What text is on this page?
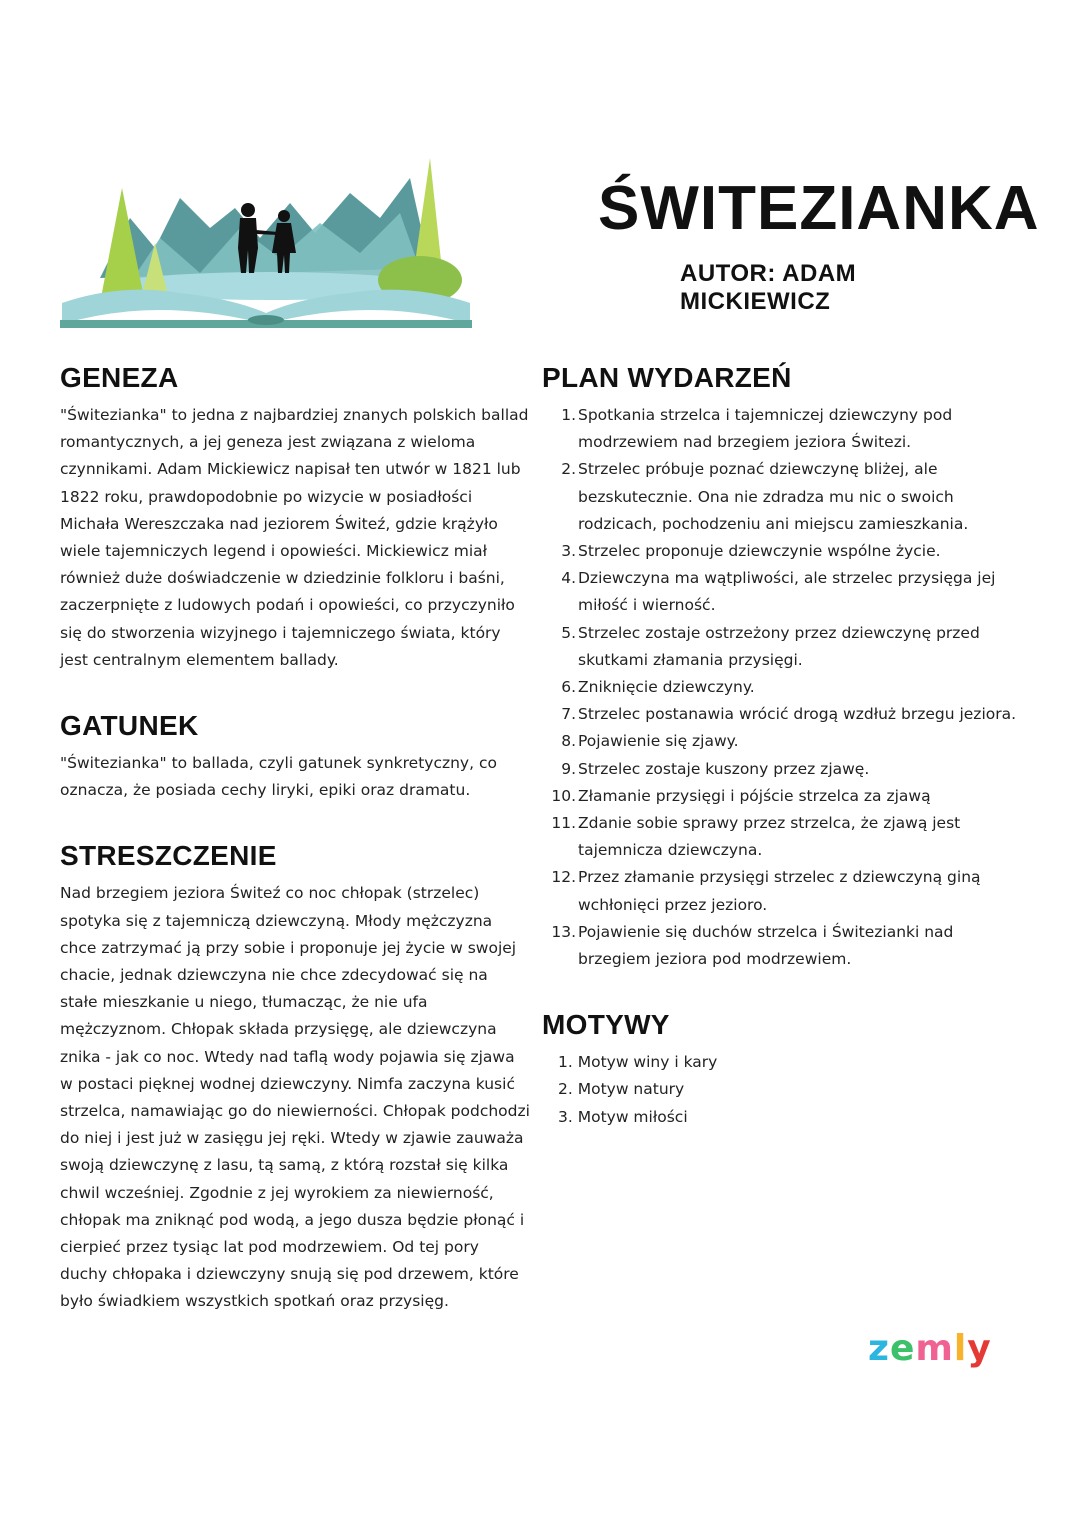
ŚWITEZIANKA
AUTOR: ADAM MICKIEWICZ
GENEZA

"Świtezianka" to jedna z najbardziej znanych polskich ballad romantycznych, a jej geneza jest związana z wieloma czynnikami. Adam Mickiewicz napisał ten utwór w 1821 lub 1822 roku, prawdopodobnie po wizycie w posiadłości Michała Wereszczaka nad jeziorem Świteź, gdzie krążyło wiele tajemniczych legend i opowieści. Mickiewicz miał również duże doświadczenie w dziedzinie folkloru i baśni, zaczerpnięte z ludowych podań i opowieści, co przyczyniło się do stworzenia wizyjnego i tajemniczego świata, który jest centralnym elementem ballady.

GATUNEK

"Świtezianka" to ballada, czyli gatunek synkretyczny, co oznacza, że posiada cechy liryki, epiki oraz dramatu.

STRESZCZENIE

Nad brzegiem jeziora Świteź co noc chłopak (strzelec) spotyka się z tajemniczą dziewczyną. Młody mężczyzna chce zatrzymać ją przy sobie i proponuje jej życie w swojej chacie, jednak dziewczyna nie chce zdecydować się na stałe mieszkanie u niego, tłumacząc, że nie ufa mężczyznom. Chłopak składa przysięgę, ale dziewczyna znika - jak co noc. Wtedy nad taflą wody pojawia się zjawa w postaci pięknej wodnej dziewczyny. Nimfa zaczyna kusić strzelca, namawiając go do niewierności. Chłopak podchodzi do niej i jest już w zasięgu jej ręki. Wtedy w zjawie zauważa swoją dziewczynę z lasu, tą samą, z którą rozstał się kilka chwil wcześniej. Zgodnie z jej wyrokiem za niewierność, chłopak ma zniknąć pod wodą, a jego dusza będzie płonąć i cierpieć przez tysiąc lat pod modrzewiem. Od tej pory duchy chłopaka i dziewczyny snują się pod drzewem, które było świadkiem wszystkich spotkań oraz przysięg.

PLAN WYDARZEŃ
1. Spotkania strzelca i tajemniczej dziewczyny pod modrzewiem nad brzegiem jeziora Świtezi.
2. Strzelec próbuje poznać dziewczynę bliżej, ale bezskutecznie. Ona nie zdradza mu nic o swoich rodzicach, pochodzeniu ani miejscu zamieszkania.
3. Strzelec proponuje dziewczynie wspólne życie.
4. Dziewczyna ma wątpliwości, ale strzelec przysięga jej miłość i wierność.
5. Strzelec zostaje ostrzeżony przez dziewczynę przed skutkami złamania przysięgi.
6. Zniknięcie dziewczyny.
7. Strzelec postanawia wrócić drogą wzdłuż brzegu jeziora.
8. Pojawienie się zjawy.
9. Strzelec zostaje kuszony przez zjawę.
10. Złamanie przysięgi i pójście strzelca za zjawą
11. Zdanie sobie sprawy przez strzelca, że zjawą jest tajemnicza dziewczyna.
12. Przez złamanie przysięgi strzelec z dziewczyną giną wchłonięci przez jezioro.
13. Pojawienie się duchów strzelca i Świtezianki nad brzegiem jeziora pod modrzewiem.
MOTYWY
1. Motyw winy i kary
2. Motyw natury
3. Motyw miłości
zemly
